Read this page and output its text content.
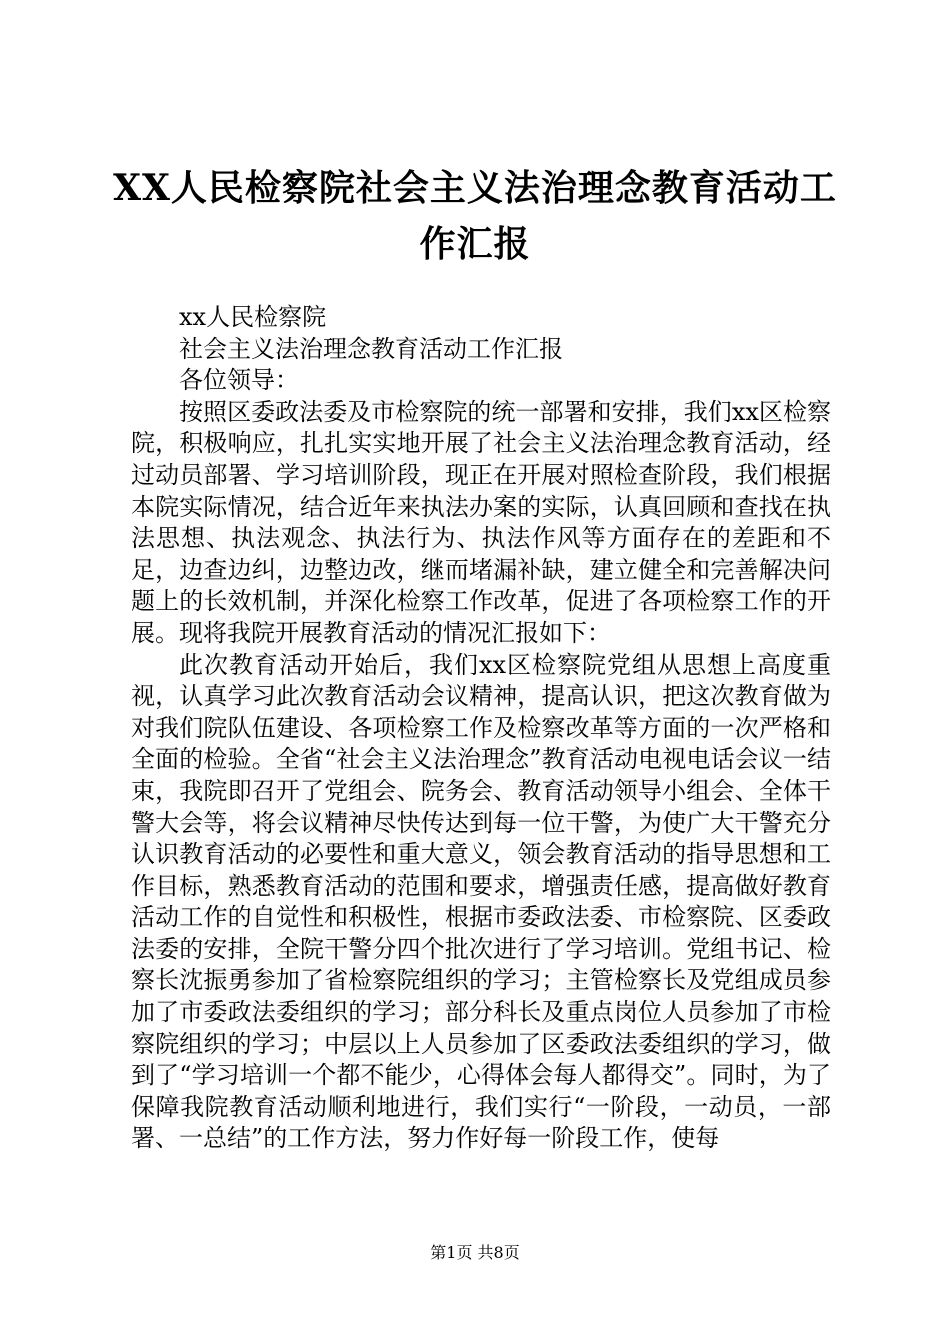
XX人民检察院社会主义法治理念教育活动工作汇报

xx人民检察院

社会主义法治理念教育活动工作汇报

各位领导：

按照区委政法委及市检察院的统一部署和安排，我们xx区检察院，积极响应，扎扎实实地开展了社会主义法治理念教育活动，经过动员部署、学习培训阶段，现正在开展对照检查阶段，我们根据本院实际情况，结合近年来执法办案的实际，认真回顾和查找在执法思想、执法观念、执法行为、执法作风等方面存在的差距和不足，边查边纠，边整边改，继而堵漏补缺，建立健全和完善解决问题上的长效机制，并深化检察工作改革，促进了各项检察工作的开展。现将我院开展教育活动的情况汇报如下：

此次教育活动开始后，我们xx区检察院党组从思想上高度重视，认真学习此次教育活动会议精神，提高认识，把这次教育做为对我们院队伍建设、各项检察工作及检察改革等方面的一次严格和全面的检验。全省“社会主义法治理念”教育活动电视电话会议一结束，我院即召开了党组会、院务会、教育活动领导小组会、全体干警大会等，将会议精神尽快传达到每一位干警，为使广大干警充分认识教育活动的必要性和重大意义，领会教育活动的指导思想和工作目标，熟悉教育活动的范围和要求，增强责任感，提高做好教育活动工作的自觉性和积极性，根据市委政法委、市检察院、区委政法委的安排，全院干警分四个批次进行了学习培训。党组书记、检察长沈振勇参加了省检察院组织的学习；主管检察长及党组成员参加了市委政法委组织的学习；部分科长及重点岗位人员参加了市检察院组织的学习；中层以上人员参加了区委政法委组织的学习，做到了“学习培训一个都不能少，心得体会每人都得交”。同时，为了保障我院教育活动顺利地进行，我们实行“一阶段，一动员，一部署、一总结”的工作方法，努力作好每一阶段工作，使每

第1页 共8页
